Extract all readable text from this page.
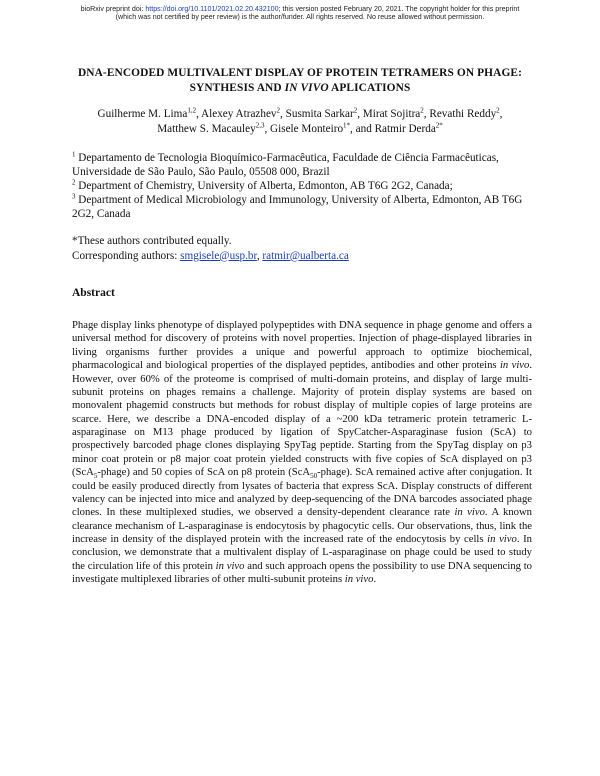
bioRxiv preprint doi: https://doi.org/10.1101/2021.02.20.432100; this version posted February 20, 2021. The copyright holder for this preprint
(which was not certified by peer review) is the author/funder. All rights reserved. No reuse allowed without permission.
DNA-ENCODED MULTIVALENT DISPLAY OF PROTEIN TETRAMERS ON PHAGE:
SYNTHESIS AND IN VIVO APLICATIONS
Guilherme M. Lima$^{1,2}$, Alexey Atrazhev$^2$, Susmita Sarkar$^2$, Mirat Sojitra$^2$, Revathi Reddy$^2$,
Matthew S. Macauley$^{2,3}$, Gisele Monteiro$^{1*}$, and Ratmir Derda$^{2*}$
$^1$ Departamento de Tecnologia Bioquímico-Farmacêutica, Faculdade de Ciência Farmacêuticas, Universidade de São Paulo, São Paulo, 05508 000, Brazil
$^2$ Department of Chemistry, University of Alberta, Edmonton, AB T6G 2G2, Canada;
$^3$ Department of Medical Microbiology and Immunology, University of Alberta, Edmonton, AB T6G 2G2, Canada
*These authors contributed equally.
Corresponding authors: smgisele@usp.br, ratmir@ualberta.ca
Abstract
Phage display links phenotype of displayed polypeptides with DNA sequence in phage genome and offers a universal method for discovery of proteins with novel properties. Injection of phage-displayed libraries in living organisms further provides a unique and powerful approach to optimize biochemical, pharmacological and biological properties of the displayed peptides, antibodies and other proteins in vivo. However, over 60% of the proteome is comprised of multi-domain proteins, and display of large multi-subunit proteins on phages remains a challenge. Majority of protein display systems are based on monovalent phagemid constructs but methods for robust display of multiple copies of large proteins are scarce. Here, we describe a DNA-encoded display of a ~200 kDa tetrameric protein tetrameric L-asparaginase on M13 phage produced by ligation of SpyCatcher-Asparaginase fusion (ScA) to prospectively barcoded phage clones displaying SpyTag peptide. Starting from the SpyTag display on p3 minor coat protein or p8 major coat protein yielded constructs with five copies of ScA displayed on p3 (ScA$_5$-phage) and 50 copies of ScA on p8 protein (ScA$_{50}$-phage). ScA remained active after conjugation. It could be easily produced directly from lysates of bacteria that express ScA. Display constructs of different valency can be injected into mice and analyzed by deep-sequencing of the DNA barcodes associated phage clones. In these multiplexed studies, we observed a density-dependent clearance rate in vivo. A known clearance mechanism of L-asparaginase is endocytosis by phagocytic cells. Our observations, thus, link the increase in density of the displayed protein with the increased rate of the endocytosis by cells in vivo. In conclusion, we demonstrate that a multivalent display of L-asparaginase on phage could be used to study the circulation life of this protein in vivo and such approach opens the possibility to use DNA sequencing to investigate multiplexed libraries of other multi-subunit proteins in vivo.
